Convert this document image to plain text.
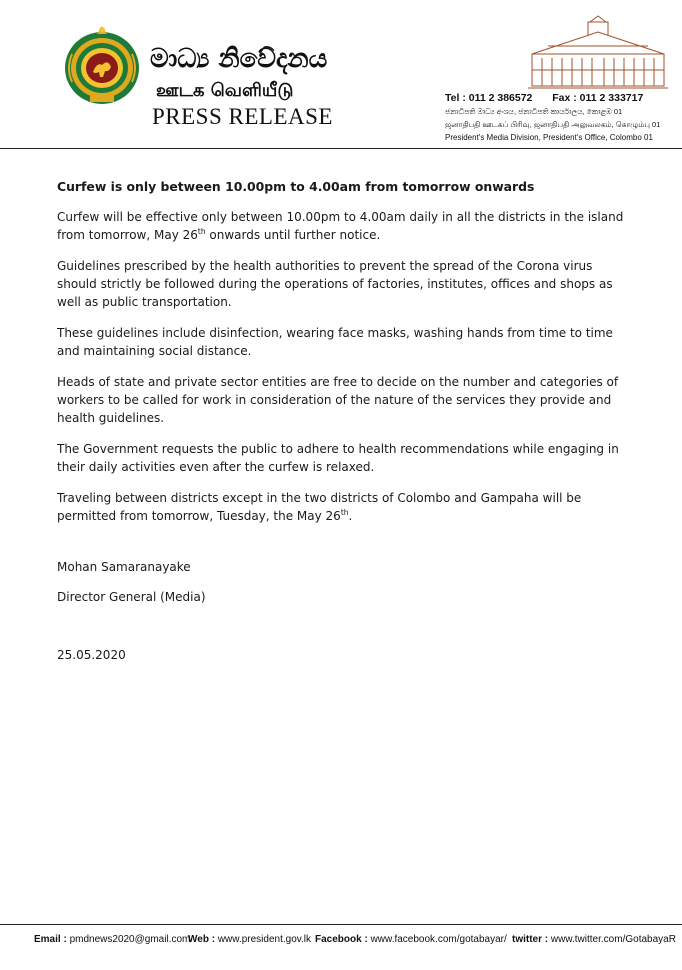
මාධ්‍ය නිවේදනය
ஊடக வெளியீடு
PRESS RELEASE
Tel : 011 2 386572 Fax : 011 2 333717
ජනාධිපති මාධ්‍ය අංශය, ජනාධිපති කාර්යාලය, කොළඹ 01
ஜனாதிபதி ஊடகப் பிரிவு, ஜனாதிபதி அலுவலகம், கொழும்பு 01
President's Media Division, President's Office, Colombo 01
Curfew is only between 10.00pm to 4.00am from tomorrow onwards

Curfew will be effective only between 10.00pm to 4.00am daily in all the districts in the island from tomorrow, May 26th onwards until further notice.

Guidelines prescribed by the health authorities to prevent the spread of the Corona virus should strictly be followed during the operations of factories, institutes, offices and shops as well as public transportation.

These guidelines include disinfection, wearing face masks, washing hands from time to time and maintaining social distance.

Heads of state and private sector entities are free to decide on the number and categories of workers to be called for work in consideration of the nature of the services they provide and health guidelines.

The Government requests the public to adhere to health recommendations while engaging in their daily activities even after the curfew is relaxed.

Traveling between districts except in the two districts of Colombo and Gampaha will be permitted from tomorrow, Tuesday, the May 26th.

Mohan Samaranayake
Director General (Media)
25.05.2020
Email : pmdnews2020@gmail.com
Web : www.president.gov.lk Facebook : www.facebook.com/gotabayar/ twitter : www.twitter.com/GotabayaR
